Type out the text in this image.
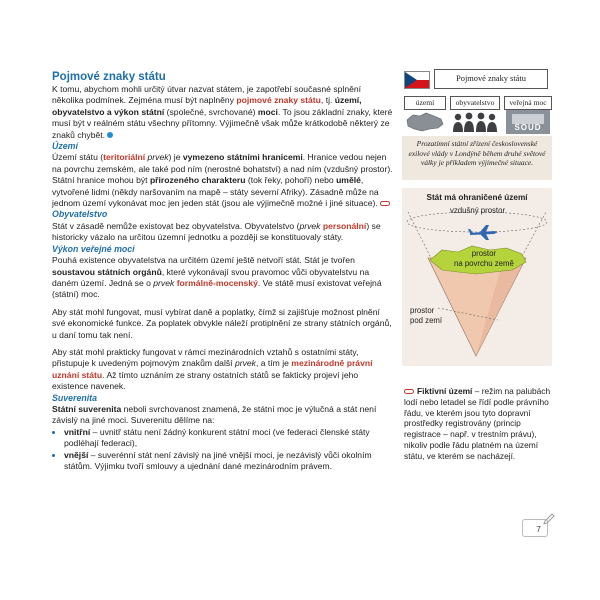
Pojmové znaky státu

K tomu, abychom mohli určitý útvar nazvat státem, je zapotřebí současné splnění několika podmínek. Zejména musí být naplněny pojmové znaky státu, tj. území, obyvatelstvo a výkon státní (společné, svrchované) moci. To jsou základní znaky, které musí být v reálném státu všechny přítomny. Výjimečně však může krátkodobě některý ze znaků chybět.

Území

Území státu (teritoriální prvek) je vymezeno státními hranicemi. Hranice vedou nejen na povrchu zemském, ale také pod ním (nerostné bohatství) a nad ním (vzdušný prostor).

Státní hranice mohou být přirozeného charakteru (tok řeky, pohoří) nebo umělé, vytvořené lidmi (někdy naršovaním na mapě – státy severní Afriky). Zásadně může na jednom území vykonávat moc jen jeden stát (jsou ale výjimečně možné i jiné situace).

Obyvatelstvo

Stát v zásadě nemůže existovat bez obyvatelstva. Obyvatelstvo (prvek personální) se historicky vázalo na určitou územní jednotku a později se konstituovaly státy.

Výkon veřejné moci

Pouhá existence obyvatelstva na určitém území ještě netvoří stát. Stát je tvořen soustavou státních orgánů, které vykonávají svou pravomoc vůči obyvatelstvu na daném území. Jedná se o prvek formálně-mocenský. Ve státě musí existovat veřejná (státní) moc.

Aby stát mohl fungovat, musí vybírat daně a poplatky, čímž si zajišťuje možnost plnění své ekonomické funkce. Za poplatek obvykle náleží protiplnění ze strany státních orgánů, u daní tomu tak není.

Aby stát mohl prakticky fungovat v rámci mezinárodních vztahů s ostatními státy, přistupuje k uvedeným pojmovým znakům další prvek, a tím je mezinárodně právní uznání státu. Až tímto uznáním ze strany ostatních států se fakticky projeví jeho existence navenek.

Suverenita

Státní suverenita neboli svrchovanost znamená, že státní moc je výlučná a stát není závislý na jiné moci. Suverenitu dělíme na:

• vnitřní – uvnitř státu není žádný konkurent státní moci (ve federaci členské státy podléhají federaci),
• vnější – suverénní stát není závislý na jiné vnější moci, je nezávislý vůči okolním státům. Výjimku tvoří smlouvy a ujednání dané mezinárodním právem.
Pojmové znaky státu
území	obyvatelstvo	veřejná moc
SOUD
Prozatímní státní zřízení československé exilové vlády v Londýně během druhé světové války je příkladem výjimečné situace.
Stát má ohraničené území
vzdušný prostor
prostor
na povrchu země
prostor
pod zemí
Fiktivní území – režim na palubách lodí nebo letadel se řídí podle právního řádu, ve kterém jsou tyto dopravní prostředky registrovány (princip registrace – např. v trestním právu), nikoliv podle řádu platném na území státu, ve kterém se nacházejí.
7
